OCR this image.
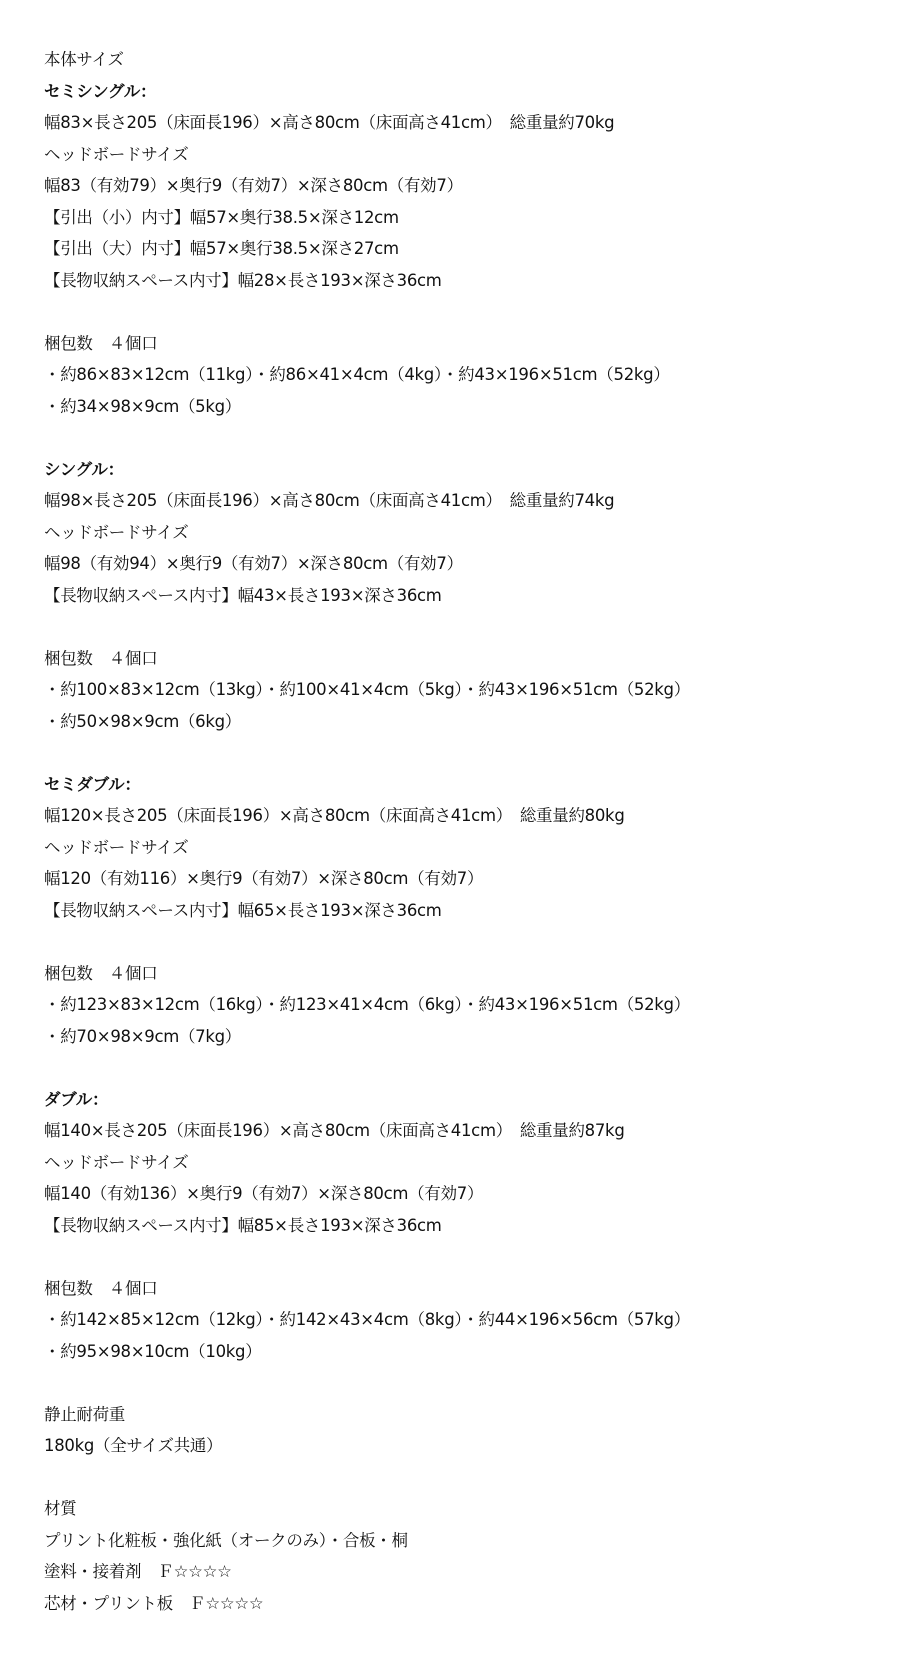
本体サイズ
セミシングル：
幅83×長さ205（床面長196）×高さ80cm（床面高さ41cm）　総重量約70kg
ヘッドボードサイズ
幅83（有効79）×奥行9（有効7）×深さ80cm（有効7）
【引出（小）内寸】幅57×奥行38.5×深さ12cm
【引出（大）内寸】幅57×奥行38.5×深さ27cm
【長物収納スペース内寸】幅28×長さ193×深さ36cm
梱包数　４個口
・約86×83×12cm（11kg）・約86×41×4cm（4kg）・約43×196×51cm（52kg）
・約34×98×9cm（5kg）
シングル：
幅98×長さ205（床面長196）×高さ80cm（床面高さ41cm）　総重量約74kg
ヘッドボードサイズ
幅98（有効94）×奥行9（有効7）×深さ80cm（有効7）
【長物収納スペース内寸】幅43×長さ193×深さ36cm
梱包数　４個口
・約100×83×12cm（13kg）・約100×41×4cm（5kg）・約43×196×51cm（52kg）
・約50×98×9cm（6kg）
セミダブル：
幅120×長さ205（床面長196）×高さ80cm（床面高さ41cm）　総重量約80kg
ヘッドボードサイズ
幅120（有効116）×奥行9（有効7）×深さ80cm（有効7）
【長物収納スペース内寸】幅65×長さ193×深さ36cm
梱包数　４個口
・約123×83×12cm（16kg）・約123×41×4cm（6kg）・約43×196×51cm（52kg）
・約70×98×9cm（7kg）
ダブル：
幅140×長さ205（床面長196）×高さ80cm（床面高さ41cm）　総重量約87kg
ヘッドボードサイズ
幅140（有効136）×奥行9（有効7）×深さ80cm（有効7）
【長物収納スペース内寸】幅85×長さ193×深さ36cm
梱包数　４個口
・約142×85×12cm（12kg）・約142×43×4cm（8kg）・約44×196×56cm（57kg）
・約95×98×10cm（10kg）
静止耐荷重
180kg（全サイズ共通）
材質
プリント化粧板・強化紙（オークのみ）・合板・桐
塗料・接着剤　Ｆ☆☆☆☆
芯材・プリント板　Ｆ☆☆☆☆
